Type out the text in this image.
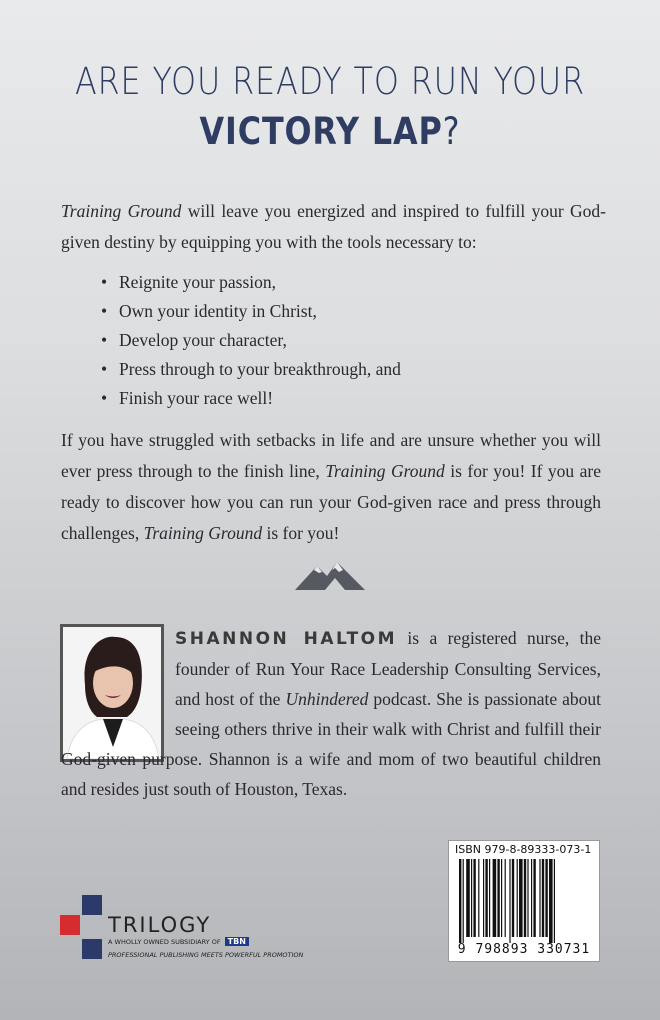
ARE YOU READY TO RUN YOUR
VICTORY LAP?
Training Ground will leave you energized and inspired to fulfill your God-given destiny by equipping you with the tools necessary to:
• Reignite your passion,
• Own your identity in Christ,
• Develop your character,
• Press through to your breakthrough, and
• Finish your race well!
If you have struggled with setbacks in life and are unsure whether you will ever press through to the finish line, Training Ground is for you! If you are ready to discover how you can run your God-given race and press through challenges, Training Ground is for you!
SHANNON HALTOM is a registered nurse, the founder of Run Your Race Leadership Consulting Services, and host of the Unhindered podcast. She is passionate about seeing others thrive in their walk with Christ and fulfill their God-given purpose. Shannon is a wife and mom of two beautiful children and resides just south of Houston, Texas.
TRILOGY
A WHOLLY OWNED SUBSIDIARY OF TBN
PROFESSIONAL PUBLISHING MEETS POWERFUL PROMOTION
ISBN 979-8-89333-073-1
9 798893 330731
